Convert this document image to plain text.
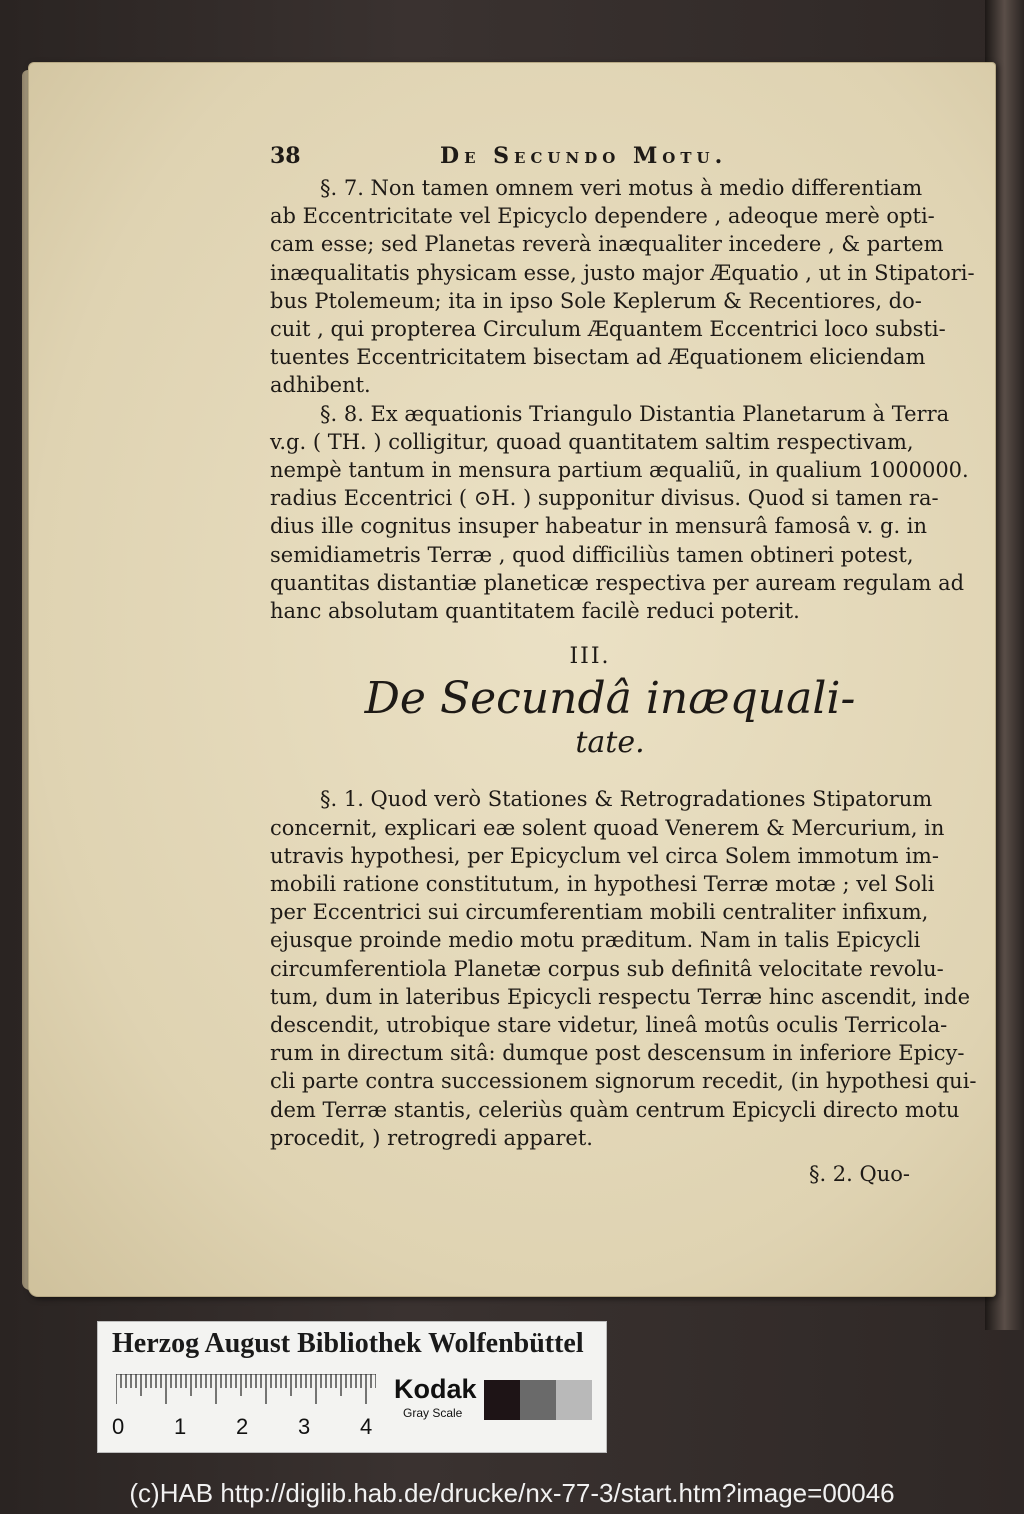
38	De Secundo Motu.

§. 7. Non tamen omnem veri motus à medio differentiam
ab Eccentricitate vel Epicyclo dependere , adeoque merè opti-
cam esse; sed Planetas reverà inæqualiter incedere , & partem
inæqualitatis physicam esse, justo major Æquatio , ut in Stipatori-
bus Ptolemeum; ita in ipso Sole Keplerum & Recentiores, do-
cuit , qui propterea Circulum Æquantem Eccentrici loco substi-
tuentes Eccentricitatem bisectam ad Æquationem eliciendam
adhibent.

§. 8. Ex æquationis Triangulo Distantia Planetarum à Terra
v.g. ( TH. ) colligitur, quoad quantitatem saltim respectivam,
nempè tantum in mensura partium æqualiũ, in qualium 1000000.
radius Eccentrici ( ⊙H. ) supponitur divisus. Quod si tamen ra-
dius ille cognitus insuper habeatur in mensurâ famosâ v. g. in
semidiametris Terræ , quod difficiliùs tamen obtineri potest,
quantitas distantiæ planeticæ respectiva per auream regulam ad
hanc absolutam quantitatem facilè reduci poterit.

III.
De Secundâ inæquali-
tate.

§. 1. Quod verò Stationes & Retrogradationes Stipatorum
concernit, explicari eæ solent quoad Venerem & Mercurium, in
utravis hypothesi, per Epicyclum vel circa Solem immotum im-
mobili ratione constitutum, in hypothesi Terræ motæ ; vel Soli
per Eccentrici sui circumferentiam mobili centraliter infixum,
ejusque proinde medio motu præditum. Nam in talis Epicycli
circumferentiola Planetæ corpus sub definitâ velocitate revolu-
tum, dum in lateribus Epicycli respectu Terræ hinc ascendit, inde
descendit, utrobique stare videtur, lineâ motûs oculis Terricola-
rum in directum sitâ: dumque post descensum in inferiore Epicy-
cli parte contra successionem signorum recedit, (in hypothesi qui-
dem Terræ stantis, celeriùs quàm centrum Epicycli directo motu
procedit, ) retrogredi apparet.

§. 2. Quo-
Herzog August Bibliothek Wolfenbüttel
0 1 2 3 4
Kodak
Gray Scale
(c)HAB http://diglib.hab.de/drucke/nx-77-3/start.htm?image=00046
